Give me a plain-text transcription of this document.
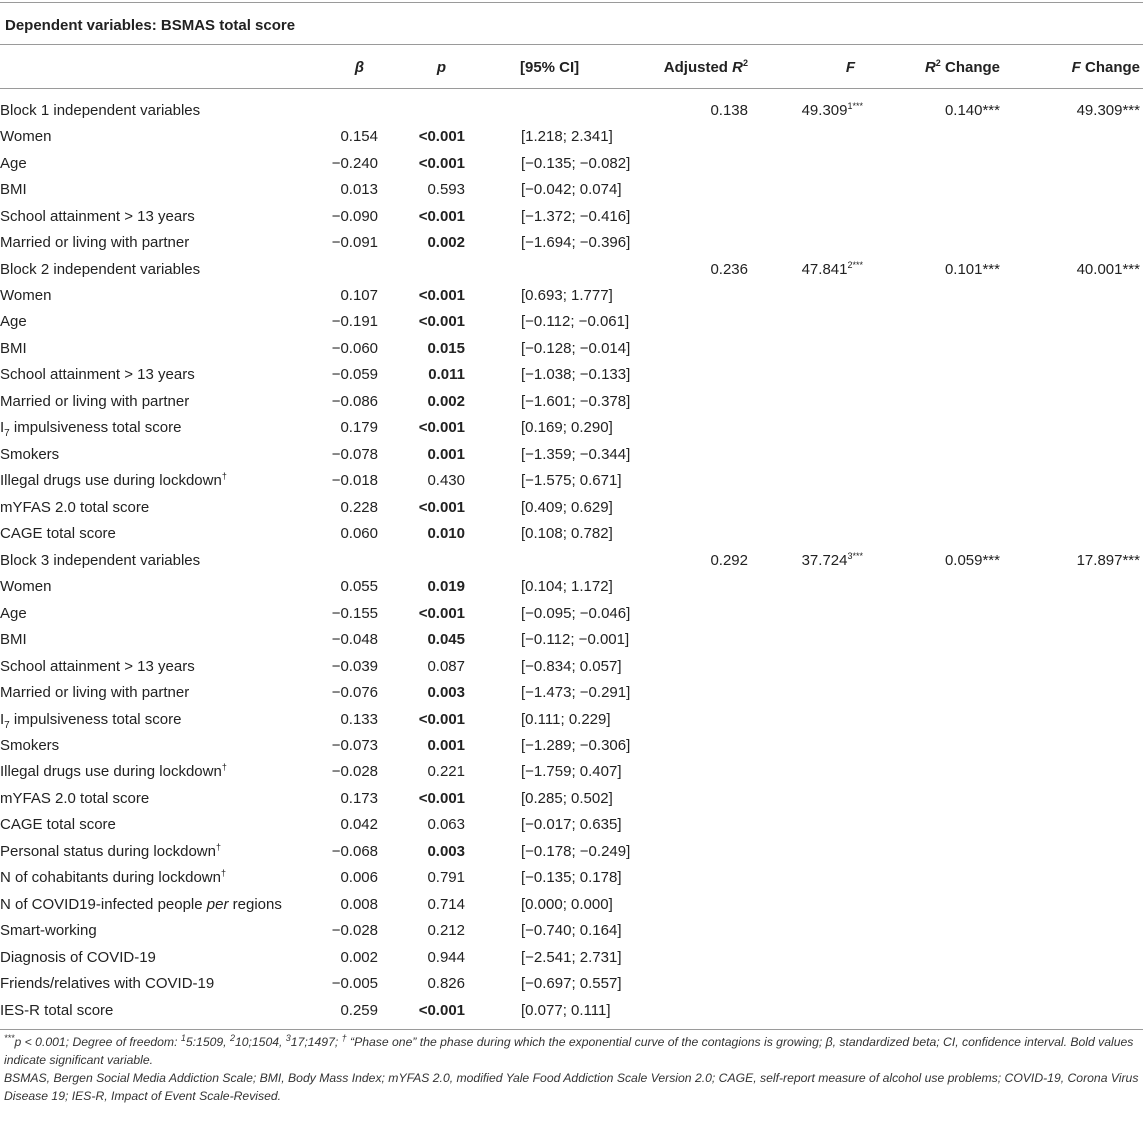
Dependent variables: BSMAS total score
	β	p	[95% CI]	Adjusted $R^2$	F	$R^2$ Change	F Change
Block 1 independent variables				0.138	$49.309^{1***}$	0.140***	49.309***
Women	0.154	<0.001	[1.218; 2.341]				
Age	−0.240	<0.001	[−0.135; −0.082]				
BMI	0.013	0.593	[−0.042; 0.074]				
School attainment > 13 years	−0.090	<0.001	[−1.372; −0.416]				
Married or living with partner	−0.091	0.002	[−1.694; −0.396]				
Block 2 independent variables				0.236	$47.841^{2***}$	0.101***	40.001***
Women	0.107	<0.001	[0.693; 1.777]				
Age	−0.191	<0.001	[−0.112; −0.061]				
BMI	−0.060	0.015	[−0.128; −0.014]				
School attainment > 13 years	−0.059	0.011	[−1.038; −0.133]				
Married or living with partner	−0.086	0.002	[−1.601; −0.378]				
$I_7$ impulsiveness total score	0.179	<0.001	[0.169; 0.290]				
Smokers	−0.078	0.001	[−1.359; −0.344]				
Illegal drugs use during lockdown†	−0.018	0.430	[−1.575; 0.671]				
mYFAS 2.0 total score	0.228	<0.001	[0.409; 0.629]				
CAGE total score	0.060	0.010	[0.108; 0.782]				
Block 3 independent variables				0.292	$37.724^{3***}$	0.059***	17.897***
Women	0.055	0.019	[0.104; 1.172]				
Age	−0.155	<0.001	[−0.095; −0.046]				
BMI	−0.048	0.045	[−0.112; −0.001]				
School attainment > 13 years	−0.039	0.087	[−0.834; 0.057]				
Married or living with partner	−0.076	0.003	[−1.473; −0.291]				
$I_7$ impulsiveness total score	0.133	<0.001	[0.111; 0.229]				
Smokers	−0.073	0.001	[−1.289; −0.306]				
Illegal drugs use during lockdown†	−0.028	0.221	[−1.759; 0.407]				
mYFAS 2.0 total score	0.173	<0.001	[0.285; 0.502]				
CAGE total score	0.042	0.063	[−0.017; 0.635]				
Personal status during lockdown†	−0.068	0.003	[−0.178; −0.249]				
N of cohabitants during lockdown†	0.006	0.791	[−0.135; 0.178]				
N of COVID19-infected people per regions	0.008	0.714	[0.000; 0.000]				
Smart-working	−0.028	0.212	[−0.740; 0.164]				
Diagnosis of COVID-19	0.002	0.944	[−2.541; 2.731]				
Friends/relatives with COVID-19	−0.005	0.826	[−0.697; 0.557]				
IES-R total score	0.259	<0.001	[0.077; 0.111]				
***p < 0.001; Degree of freedom: $^1$5:1509, $^2$10;1504, $^3$17;1497; † “Phase one” the phase during which the exponential curve of the contagions is growing; β, standardized beta; CI, confidence interval. Bold values indicate significant variable.
BSMAS, Bergen Social Media Addiction Scale; BMI, Body Mass Index; mYFAS 2.0, modified Yale Food Addiction Scale Version 2.0; CAGE, self-report measure of alcohol use problems; COVID-19, Corona Virus Disease 19; IES-R, Impact of Event Scale-Revised.
